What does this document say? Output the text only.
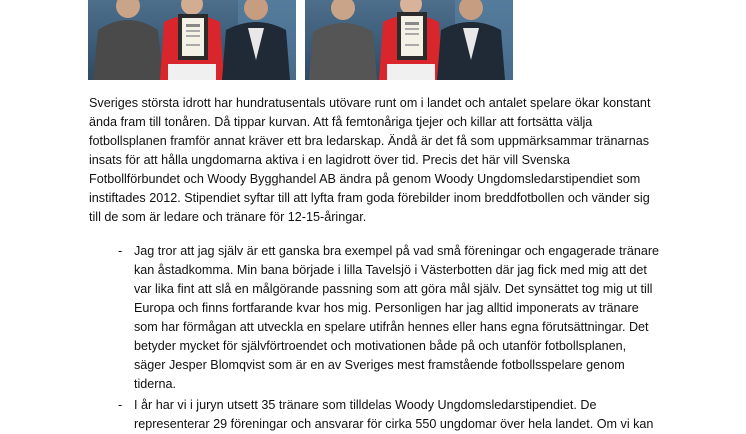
Sveriges största idrott har hundratusentals utövare runt om i landet och antalet spelare ökar konstant
ända fram till tonåren. Då tippar kurvan. Att få femtonåriga tjejer och killar att fortsätta välja
fotbollsplanen framför annat kräver ett bra ledarskap. Ändå är det få som uppmärksammar tränarnas
insats för att hålla ungdomarna aktiva i en lagidrott över tid. Precis det här vill Svenska
Fotbollförbundet och Woody Bygghandel AB ändra på genom Woody Ungdomsledarstipendiet som
instiftades 2012. Stipendiet syftar till att lyfta fram goda förebilder inom breddfotbollen och vänder sig
till de som är ledare och tränare för 12-15-åringar.

- Jag tror att jag själv är ett ganska bra exempel på vad små föreningar och engagerade tränare
kan åstadkomma. Min bana började i lilla Tavelsjö i Västerbotten där jag fick med mig att det
var lika fint att slå en målgörande passning som att göra mål själv. Det synsättet tog mig ut till
Europa och finns fortfarande kvar hos mig. Personligen har jag alltid imponerats av tränare
som har förmågan att utveckla en spelare utifrån hennes eller hans egna förutsättningar. Det
betyder mycket för självförtroendet och motivationen både på och utanför fotbollsplanen,
säger Jesper Blomqvist som är en av Sveriges mest framstående fotbollsspelare genom
tiderna.

- I år har vi i juryn utsett 35 tränare som tilldelas Woody Ungdomsledarstipendiet. De
representerar 29 föreningar och ansvarar för cirka 550 ungdomar över hela landet. Om vi kan
